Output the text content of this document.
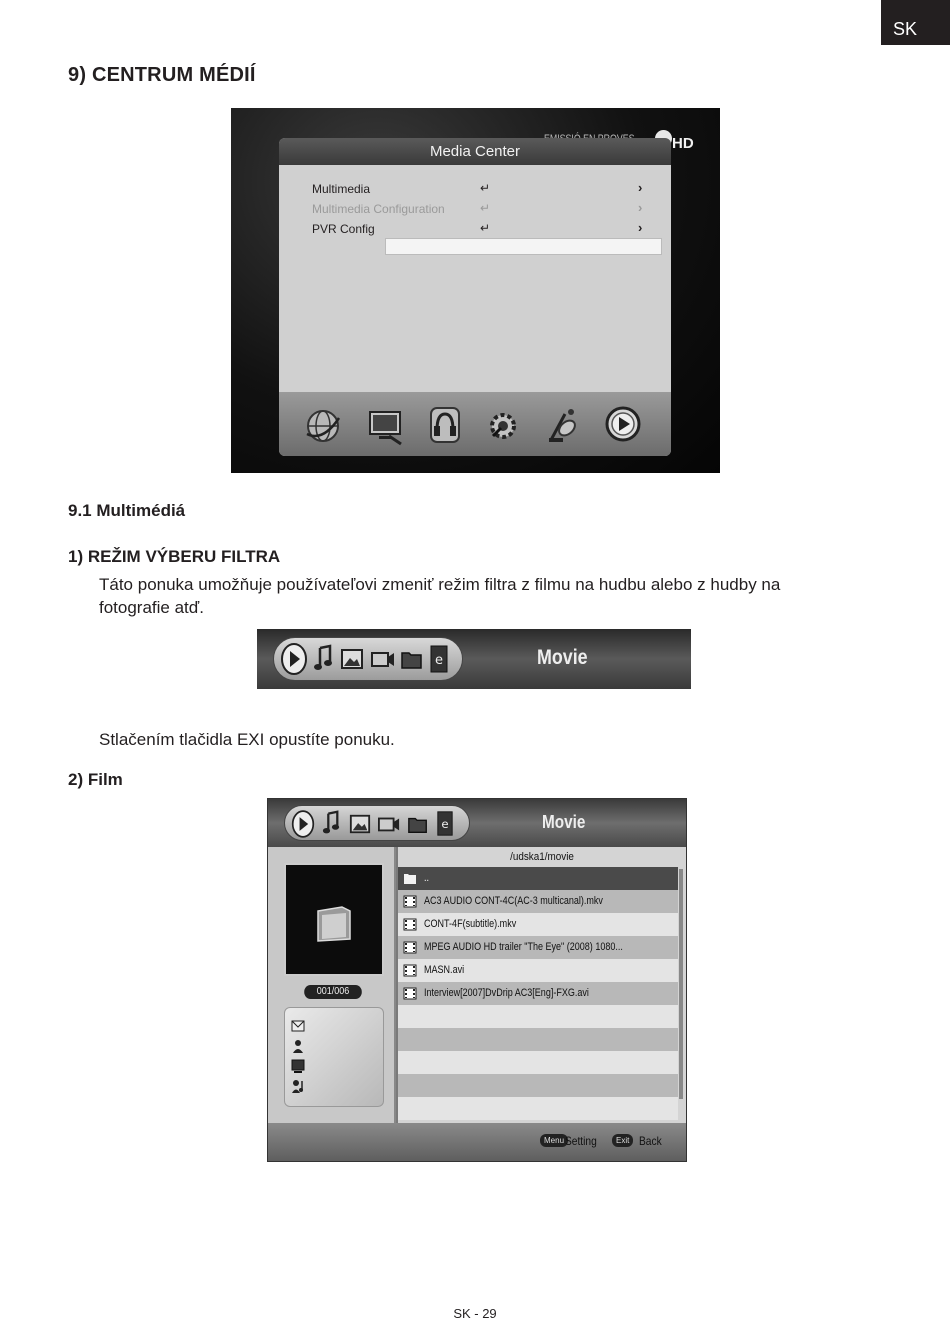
SK
9) CENTRUM MÉDIÍ
HD
Media Center
Multimedia	↵	›
Multimedia Configuration	↵	›
PVR Config	↵	›
9.1 Multimédiá
1) REŽIM VÝBERU FILTRA
Táto ponuka umožňuje používateľovi zmeniť režim filtra z filmu na hudbu alebo z hudby na
fotografie atď.
e	Movie
Stlačením tlačidla EXI opustíte ponuku.
2) Film
e	Movie
001/006
/udska1/movie
..
AC3 AUDIO CONT-4C(AC-3 multicanal).mkv
CONT-4F(subtitle).mkv
MPEG AUDIO HD trailer "The Eye" (2008) 1080...
MASN.avi
Interview[2007]DvDrip AC3[Eng]-FXG.avi
Menu Setting	Exit Back
SK - 29
